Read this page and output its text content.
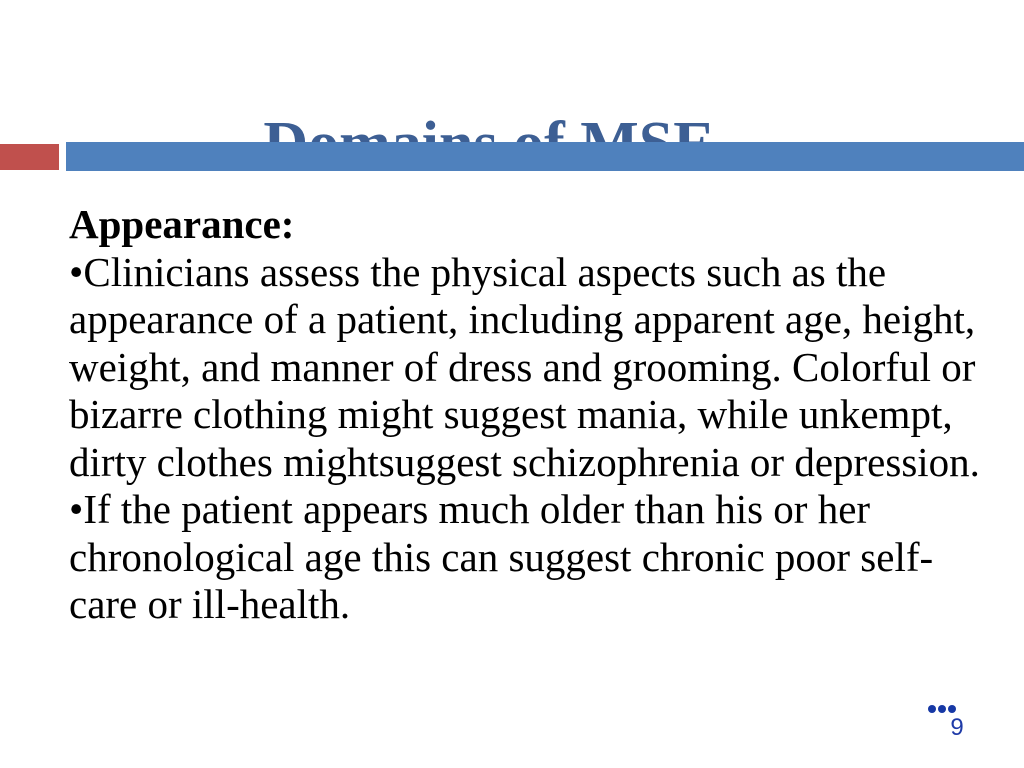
Appearance:
•Clinicians assess the physical aspects such as the
appearance of a patient, including apparent age, height,
weight, and manner of dress and grooming. Colorful or
bizarre clothing might suggest mania, while unkempt,
dirty clothes mightsuggest schizophrenia or depression.
•If the patient appears much older than his or her
chronological age this can suggest chronic poor self-
care or ill-health.
9
